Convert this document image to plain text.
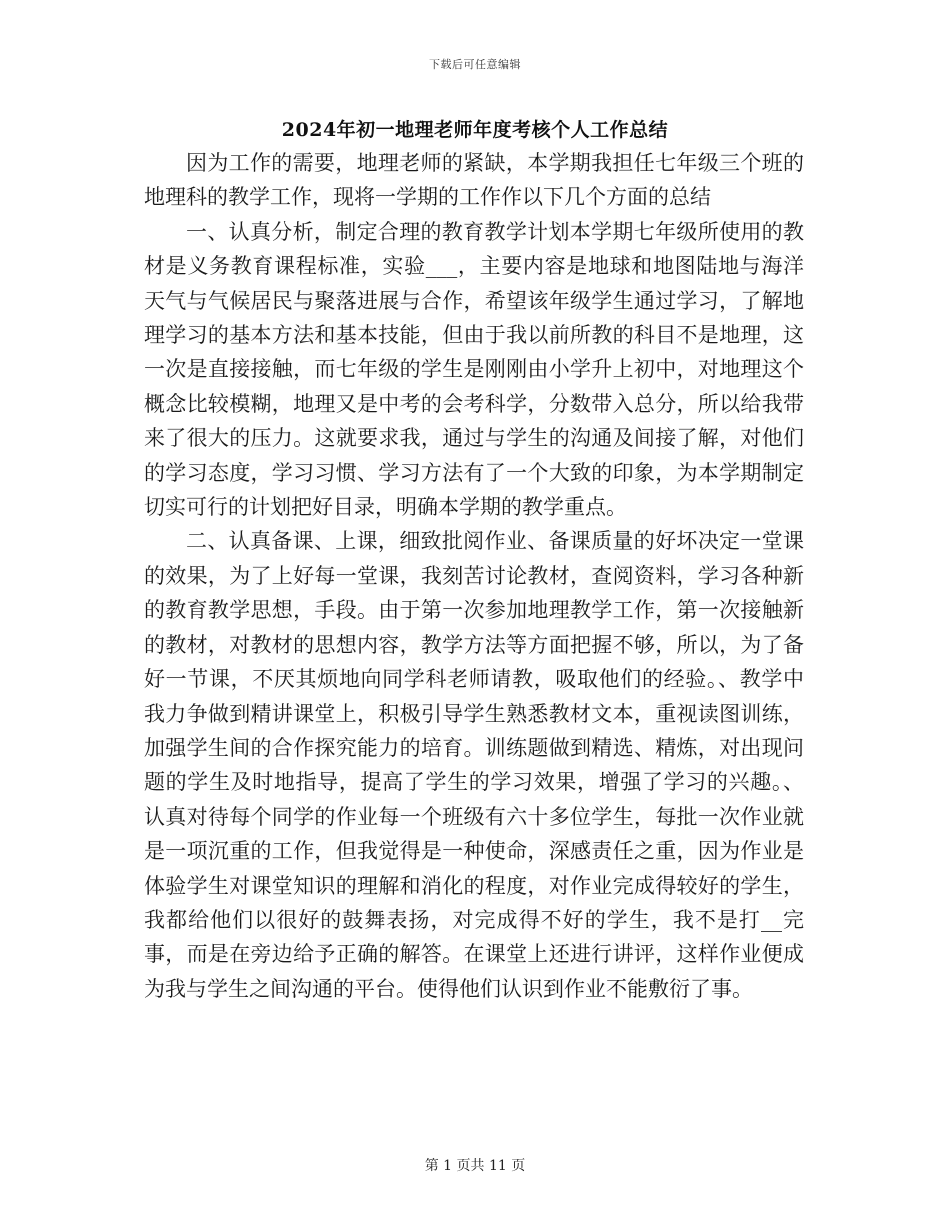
下载后可任意编辑
2024年初一地理老师年度考核个人工作总结

因为工作的需要，地理老师的紧缺，本学期我担任七年级三个班的地理科的教学工作，现将一学期的工作作以下几个方面的总结

一、认真分析，制定合理的教育教学计划本学期七年级所使用的教材是义务教育课程标准，实验___，主要内容是地球和地图陆地与海洋天气与气候居民与聚落进展与合作，希望该年级学生通过学习，了解地理学习的基本方法和基本技能，但由于我以前所教的科目不是地理，这一次是直接接触，而七年级的学生是刚刚由小学升上初中，对地理这个概念比较模糊，地理又是中考的会考科学，分数带入总分，所以给我带来了很大的压力。这就要求我，通过与学生的沟通及间接了解，对他们的学习态度，学习习惯、学习方法有了一个大致的印象，为本学期制定切实可行的计划把好目录，明确本学期的教学重点。

二、认真备课、上课，细致批阅作业、备课质量的好坏决定一堂课的效果，为了上好每一堂课，我刻苦讨论教材，查阅资料，学习各种新的教育教学思想，手段。由于第一次参加地理教学工作，第一次接触新的教材，对教材的思想内容，教学方法等方面把握不够，所以，为了备好一节课，不厌其烦地向同学科老师请教，吸取他们的经验。、教学中我力争做到精讲课堂上，积极引导学生熟悉教材文本，重视读图训练，加强学生间的合作探究能力的培育。训练题做到精选、精炼，对出现问题的学生及时地指导，提高了学生的学习效果，增强了学习的兴趣。、认真对待每个同学的作业每一个班级有六十多位学生，每批一次作业就是一项沉重的工作，但我觉得是一种使命，深感责任之重，因为作业是体验学生对课堂知识的理解和消化的程度，对作业完成得较好的学生，我都给他们以很好的鼓舞表扬，对完成得不好的学生，我不是打__完事，而是在旁边给予正确的解答。在课堂上还进行讲评，这样作业便成为我与学生之间沟通的平台。使得他们认识到作业不能敷衍了事。

第 1 页共 11 页
